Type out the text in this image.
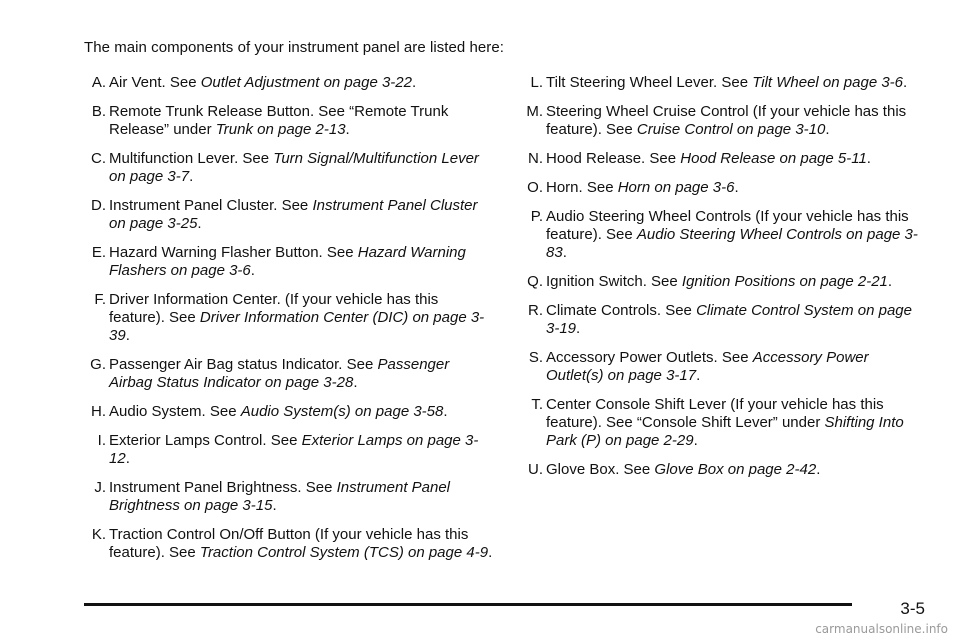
The main components of your instrument panel are listed here:
A. Air Vent. See Outlet Adjustment on page 3-22.
B. Remote Trunk Release Button. See “Remote Trunk Release” under Trunk on page 2-13.
C. Multifunction Lever. See Turn Signal/Multifunction Lever on page 3-7.
D. Instrument Panel Cluster. See Instrument Panel Cluster on page 3-25.
E. Hazard Warning Flasher Button. See Hazard Warning Flashers on page 3-6.
F. Driver Information Center. (If your vehicle has this feature). See Driver Information Center (DIC) on page 3-39.
G. Passenger Air Bag status Indicator. See Passenger Airbag Status Indicator on page 3-28.
H. Audio System. See Audio System(s) on page 3-58.
I. Exterior Lamps Control. See Exterior Lamps on page 3-12.
J. Instrument Panel Brightness. See Instrument Panel Brightness on page 3-15.
K. Traction Control On/Off Button (If your vehicle has this feature). See Traction Control System (TCS) on page 4-9.
L. Tilt Steering Wheel Lever. See Tilt Wheel on page 3-6.
M. Steering Wheel Cruise Control (If your vehicle has this feature). See Cruise Control on page 3-10.
N. Hood Release. See Hood Release on page 5-11.
O. Horn. See Horn on page 3-6.
P. Audio Steering Wheel Controls (If your vehicle has this feature). See Audio Steering Wheel Controls on page 3-83.
Q. Ignition Switch. See Ignition Positions on page 2-21.
R. Climate Controls. See Climate Control System on page 3-19.
S. Accessory Power Outlets. See Accessory Power Outlet(s) on page 3-17.
T. Center Console Shift Lever (If your vehicle has this feature). See “Console Shift Lever” under Shifting Into Park (P) on page 2-29.
U. Glove Box. See Glove Box on page 2-42.
3-5
carmanualsonline.info
